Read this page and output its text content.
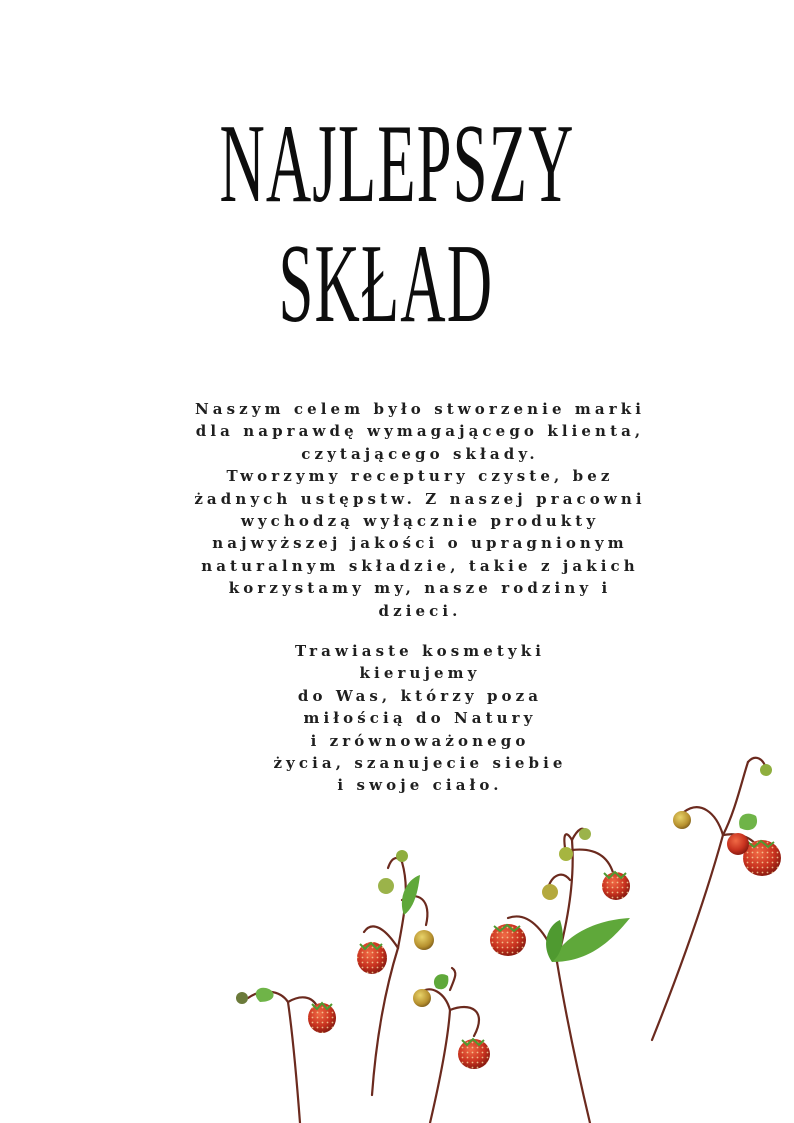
NAJLEPSZY
SKŁAD

Naszym celem było stworzenie marki
dla naprawdę wymagającego klienta,
czytającego składy.
Tworzymy receptury czyste, bez
żadnych ustępstw. Z naszej pracowni
wychodzą wyłącznie produkty
najwyższej jakości o upragnionym
naturalnym składzie, takie z jakich
korzystamy my, nasze rodziny i
dzieci.

Trawiaste kosmetyki
kierujemy
do Was, którzy poza
miłością do Natury
i zrównoważonego
życia, szanujecie siebie
i swoje ciało.
